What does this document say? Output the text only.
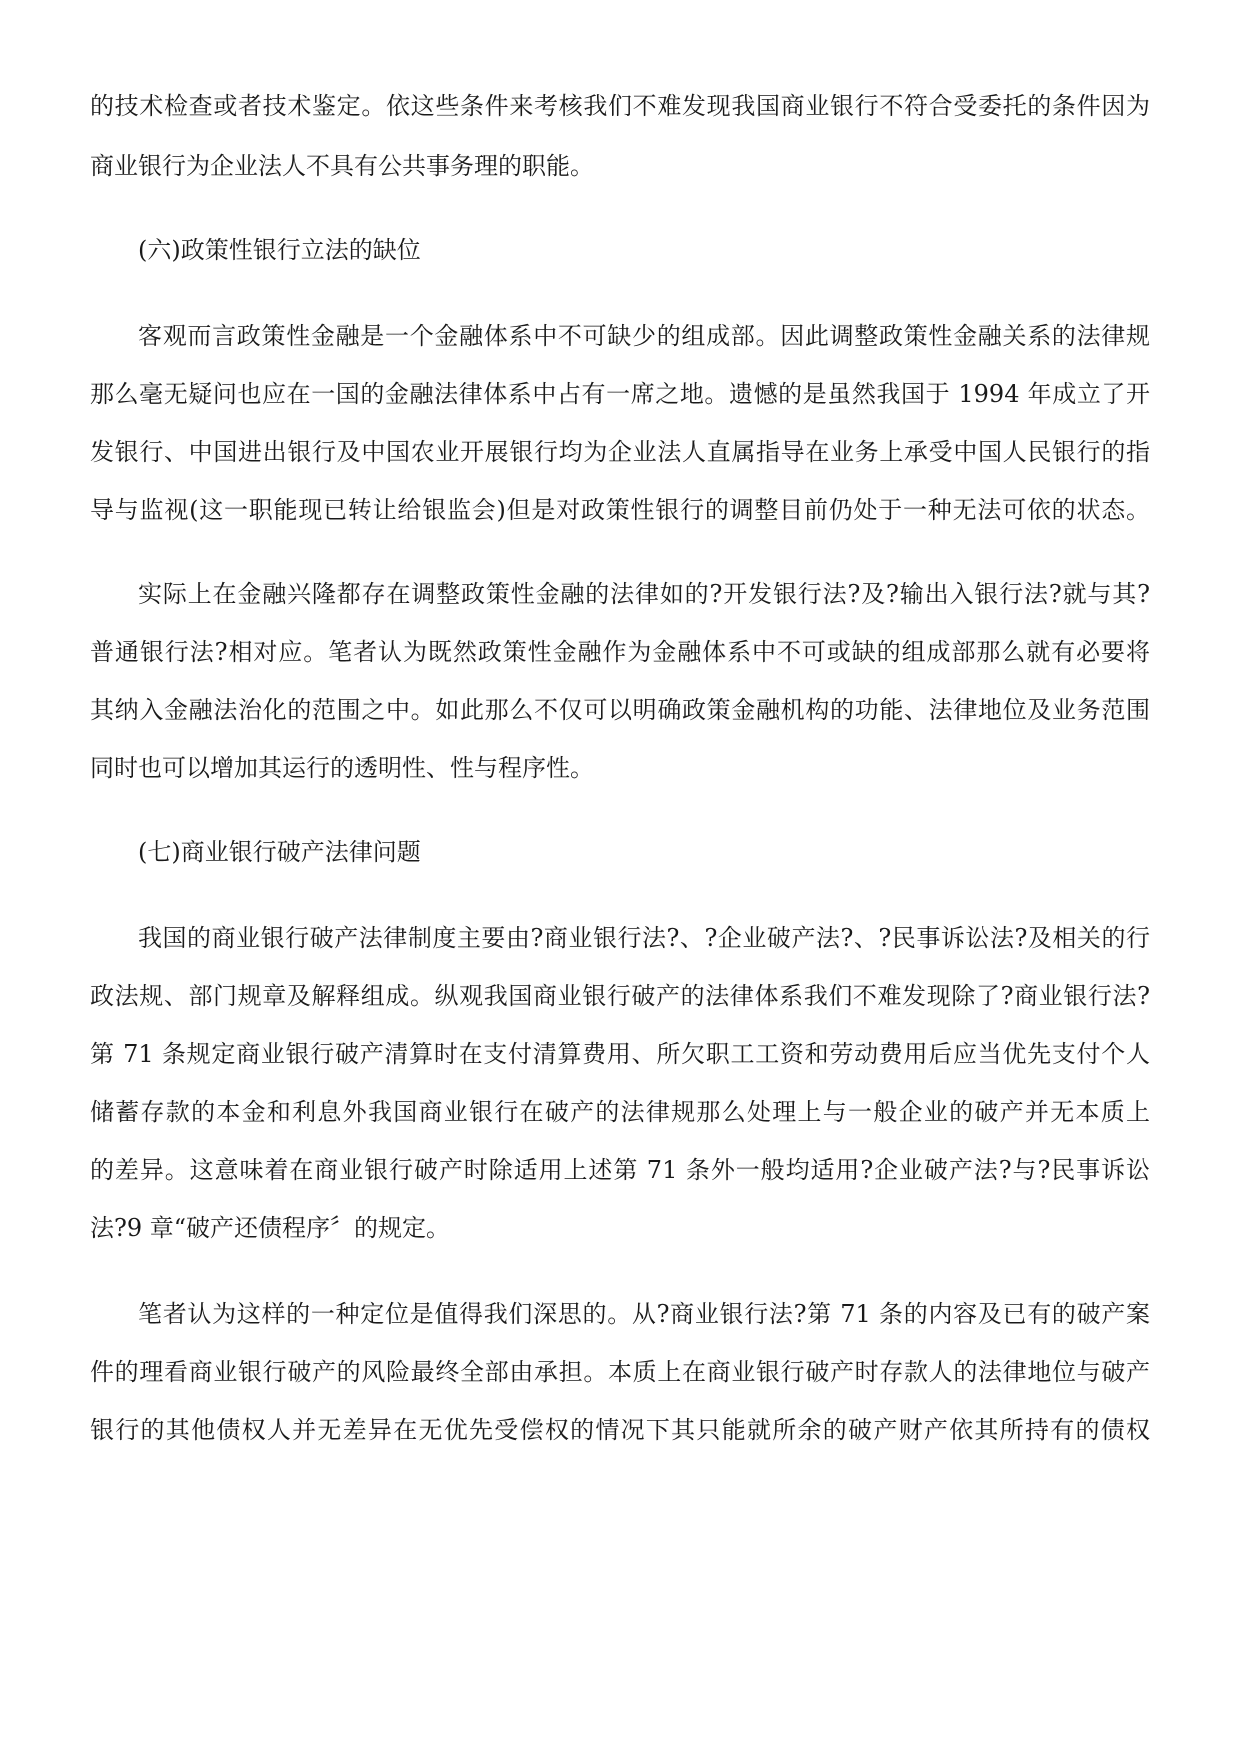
的技术检查或者技术鉴定。依这些条件来考核我们不难发现我国商业银行不符合受委托的条件因为
商业银行为企业法人不具有公共事务理的职能。
(六)政策性银行立法的缺位
客观而言政策性金融是一个金融体系中不可缺少的组成部。因此调整政策性金融关系的法律规
那么毫无疑问也应在一国的金融法律体系中占有一席之地。遗憾的是虽然我国于 1994 年成立了开
发银行、中国进出银行及中国农业开展银行均为企业法人直属指导在业务上承受中国人民银行的指
导与监视(这一职能现已转让给银监会)但是对政策性银行的调整目前仍处于一种无法可依的状态。
实际上在金融兴隆都存在调整政策性金融的法律如的?开发银行法?及?输出入银行法?就与其?
普通银行法?相对应。笔者认为既然政策性金融作为金融体系中不可或缺的组成部那么就有必要将
其纳入金融法治化的范围之中。如此那么不仅可以明确政策金融机构的功能、法律地位及业务范围
同时也可以增加其运行的透明性、性与程序性。
(七)商业银行破产法律问题
我国的商业银行破产法律制度主要由?商业银行法?、?企业破产法?、?民事诉讼法?及相关的行
政法规、部门规章及解释组成。纵观我国商业银行破产的法律体系我们不难发现除了?商业银行法?
第 71 条规定商业银行破产清算时在支付清算费用、所欠职工工资和劳动费用后应当优先支付个人
储蓄存款的本金和利息外我国商业银行在破产的法律规那么处理上与一般企业的破产并无本质上
的差异。这意味着在商业银行破产时除适用上述第 71 条外一般均适用?企业破产法?与?民事诉讼
法?9 章“破产还债程序〞的规定。
笔者认为这样的一种定位是值得我们深思的。从?商业银行法?第 71 条的内容及已有的破产案
件的理看商业银行破产的风险最终全部由承担。本质上在商业银行破产时存款人的法律地位与破产
银行的其他债权人并无差异在无优先受偿权的情况下其只能就所余的破产财产依其所持有的债权
